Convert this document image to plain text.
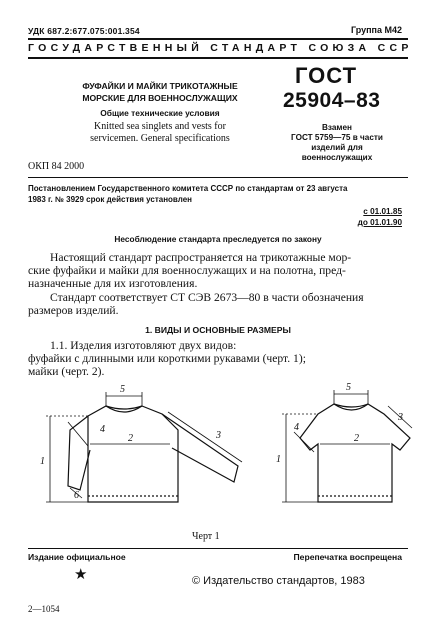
УДК 687.2:677.075:001.354	Группа М42
ГОСУДАРСТВЕННЫЙ СТАНДАРТ СОЮЗА ССР
ФУФАЙКИ И МАЙКИ ТРИКОТАЖНЫЕ
МОРСКИЕ ДЛЯ ВОЕННОСЛУЖАЩИХ
Общие технические условия
Knitted sea singlets and vests for
servicemen. General specifications
ОКП 84 2000
ГОСТ
25904–83
Взамен
ГОСТ 5759—75 в части
изделий для
военнослужащих
Постановлением Государственного комитета СССР по стандартам от 23 августа
1983 г. № 3929 срок действия установлен
с 01.01.85
до 01.01.90
Несоблюдение стандарта преследуется по закону
Настоящий стандарт распространяется на трикотажные мор-
ские фуфайки и майки для военнослужащих и на полотна, пред-
назначенные для их изготовления.
Стандарт соответствует СТ СЭВ 2673—80 в части обозначения
размеров изделий.
1. ВИДЫ И ОСНОВНЫЕ РАЗМЕРЫ
1.1. Изделия изготовляют двух видов:
фуфайки с длинными или короткими рукавами (черт. 1);
майки (черт. 2).
5
4
3
2
1
6
5
4
3
2
1
Черт 1
Издание официальное	Перепечатка воспрещена
★	© Издательство стандартов, 1983
2—1054
